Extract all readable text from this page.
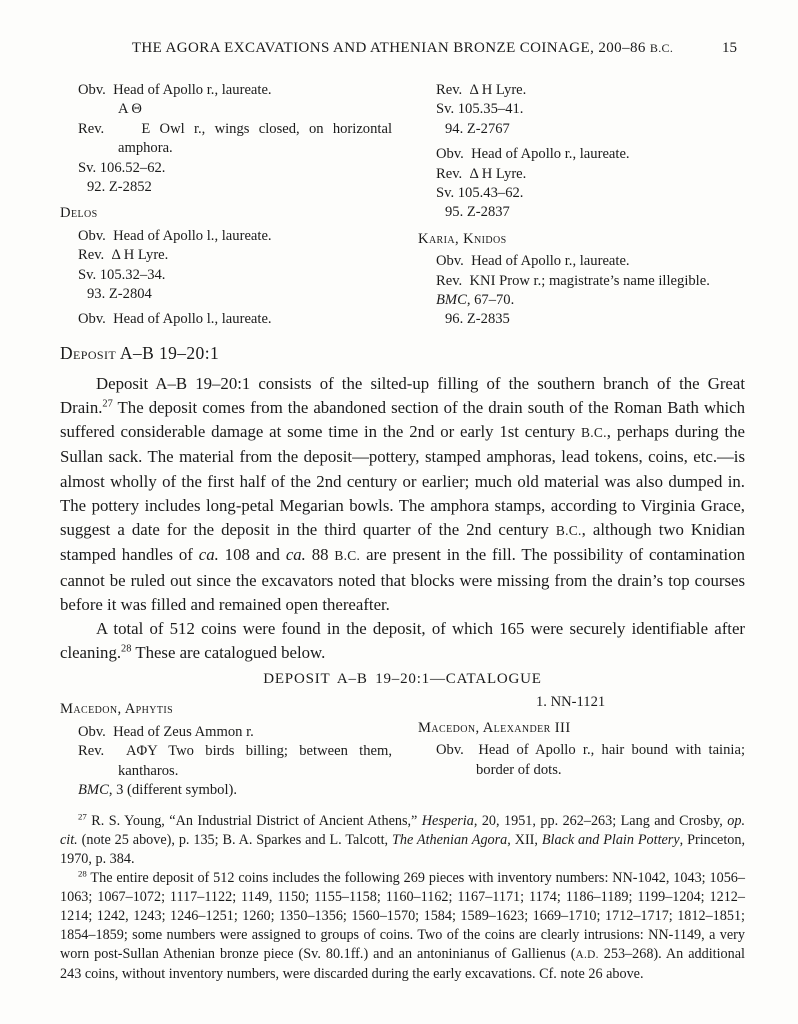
THE AGORA EXCAVATIONS AND ATHENIAN BRONZE COINAGE, 200–86 B.C.	15
Obv.  Head of Apollo r., laureate.
A Θ
Rev.    E Owl r., wings closed, on horizontal amphora.
Sv. 106.52–62.
92. Z-2852
Delos
Obv.  Head of Apollo l., laureate.
Rev.  Δ H Lyre.
Sv. 105.32–34.
93. Z-2804
Obv.  Head of Apollo l., laureate.
Rev.  Δ H Lyre.
Sv. 105.35–41.
94. Z-2767
Obv.  Head of Apollo r., laureate.
Rev.  Δ H Lyre.
Sv. 105.43–62.
95. Z-2837
Karia, Knidos
Obv.  Head of Apollo r., laureate.
Rev.  KNΙ Prow r.; magistrate’s name illegible.
BMC, 67–70.
96. Z-2835
Deposit A–B 19–20:1

Deposit A–B 19–20:1 consists of the silted-up filling of the southern branch of the Great Drain.$^{27}$ The deposit comes from the abandoned section of the drain south of the Roman Bath which suffered considerable damage at some time in the 2nd or early 1st century B.C., perhaps during the Sullan sack. The material from the deposit—pottery, stamped amphoras, lead tokens, coins, etc.—is almost wholly of the first half of the 2nd century or earlier; much old material was also dumped in. The pottery includes long-petal Megarian bowls. The amphora stamps, according to Virginia Grace, suggest a date for the deposit in the third quarter of the 2nd century B.C., although two Knidian stamped handles of ca. 108 and ca. 88 B.C. are present in the fill. The possibility of contamination cannot be ruled out since the excavators noted that blocks were missing from the drain’s top courses before it was filled and remained open thereafter.

A total of 512 coins were found in the deposit, of which 165 were securely identifiable after cleaning.$^{28}$ These are catalogued below.

DEPOSIT A–B 19–20:1—CATALOGUE
Macedon, Aphytis
Obv.  Head of Zeus Ammon r.
Rev.  AΦY Two birds billing; between them, kantharos.
BMC, 3 (different symbol).
1. NN-1121
Macedon, Alexander III
Obv.  Head of Apollo r., hair bound with tainia; border of dots.

$^{27}$ R. S. Young, “An Industrial District of Ancient Athens,” Hesperia, 20, 1951, pp. 262–263; Lang and Crosby, op. cit. (note 25 above), p. 135; B. A. Sparkes and L. Talcott, The Athenian Agora, XII, Black and Plain Pottery, Princeton, 1970, p. 384.

$^{28}$ The entire deposit of 512 coins includes the following 269 pieces with inventory numbers: NN-1042, 1043; 1056–1063; 1067–1072; 1117–1122; 1149, 1150; 1155–1158; 1160–1162; 1167–1171; 1174; 1186–1189; 1199–1204; 1212–1214; 1242, 1243; 1246–1251; 1260; 1350–1356; 1560–1570; 1584; 1589–1623; 1669–1710; 1712–1717; 1812–1851; 1854–1859; some numbers were assigned to groups of coins. Two of the coins are clearly intrusions: NN-1149, a very worn post-Sullan Athenian bronze piece (Sv. 80.1ff.) and an antoninianus of Gallienus (A.D. 253–268). An additional 243 coins, without inventory numbers, were discarded during the early excavations. Cf. note 26 above.
